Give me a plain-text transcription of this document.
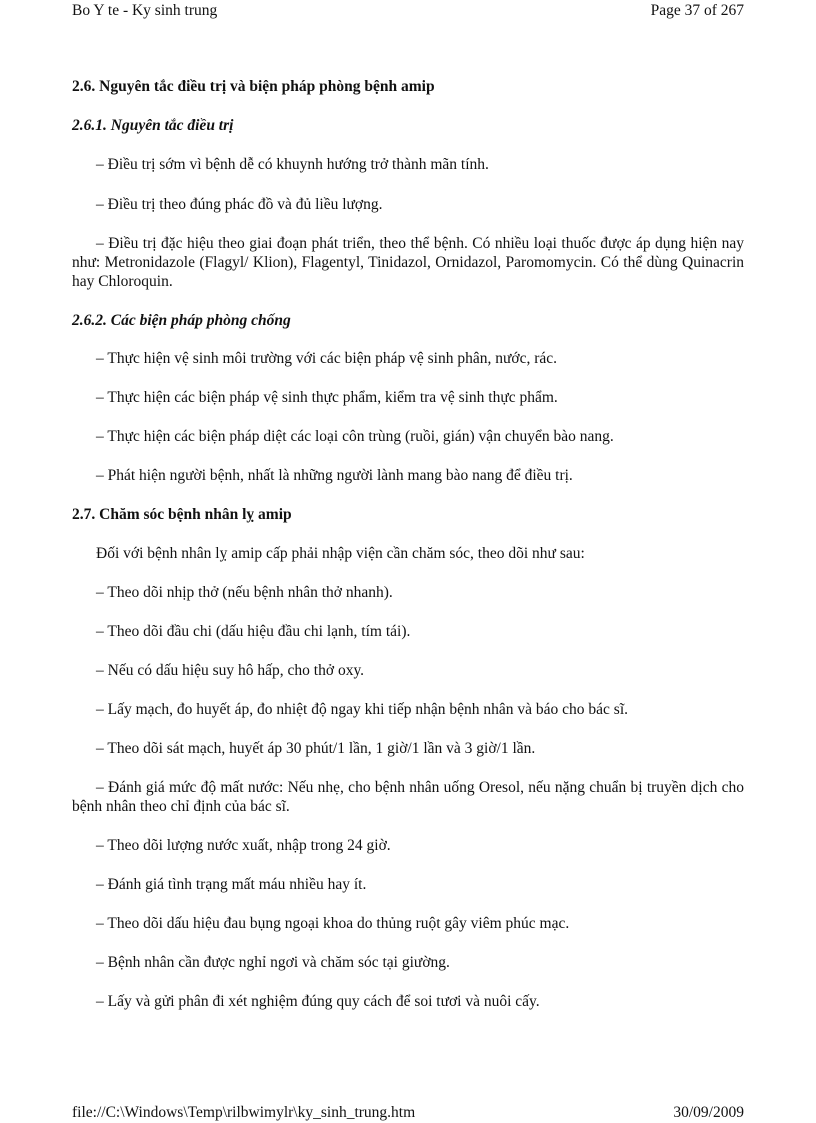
Bo Y te - Ky sinh trung	Page 37 of 267
2.6. Nguyên tắc điều trị và biện pháp phòng bệnh amip
2.6.1. Nguyên tắc điều trị

– Điều trị sớm vì bệnh dễ có khuynh hướng trở thành mãn tính.

– Điều trị theo đúng phác đồ và đủ liều lượng.

– Điều trị đặc hiệu theo giai đoạn phát triển, theo thể bệnh. Có nhiều loại thuốc được áp dụng hiện nay như: Metronidazole (Flagyl/ Klion), Flagentyl, Tinidazol, Ornidazol, Paromomycin. Có thể dùng Quinacrin hay Chloroquin.

2.6.2. Các biện pháp phòng chống

– Thực hiện vệ sinh môi trường với các biện pháp vệ sinh phân, nước, rác.

– Thực hiện các biện pháp vệ sinh thực phẩm, kiểm tra vệ sinh thực phẩm.

– Thực hiện các biện pháp diệt các loại côn trùng (ruồi, gián) vận chuyển bào nang.

– Phát hiện người bệnh, nhất là những người lành mang bào nang để điều trị.

2.7. Chăm sóc bệnh nhân lỵ amip

Đối với bệnh nhân lỵ amip cấp phải nhập viện cần chăm sóc, theo dõi như sau:

– Theo dõi nhịp thở (nếu bệnh nhân thở nhanh).

– Theo dõi đầu chi (dấu hiệu đầu chi lạnh, tím tái).

– Nếu có dấu hiệu suy hô hấp, cho thở oxy.

– Lấy mạch, đo huyết áp, đo nhiệt độ ngay khi tiếp nhận bệnh nhân và báo cho bác sĩ.

– Theo dõi sát mạch, huyết áp 30 phút/1 lần, 1 giờ/1 lần và 3 giờ/1 lần.

– Đánh giá mức độ mất nước: Nếu nhẹ, cho bệnh nhân uống Oresol, nếu nặng chuẩn bị truyền dịch cho bệnh nhân theo chỉ định của bác sĩ.

– Theo dõi lượng nước xuất, nhập trong 24 giờ.

– Đánh giá tình trạng mất máu nhiều hay ít.

– Theo dõi dấu hiệu đau bụng ngoại khoa do thủng ruột gây viêm phúc mạc.

– Bệnh nhân cần được nghỉ ngơi và chăm sóc tại giường.

– Lấy và gửi phân đi xét nghiệm đúng quy cách để soi tươi và nuôi cấy.

file://C:\Windows\Temp\rilbwimylr\ky_sinh_trung.htm	30/09/2009
